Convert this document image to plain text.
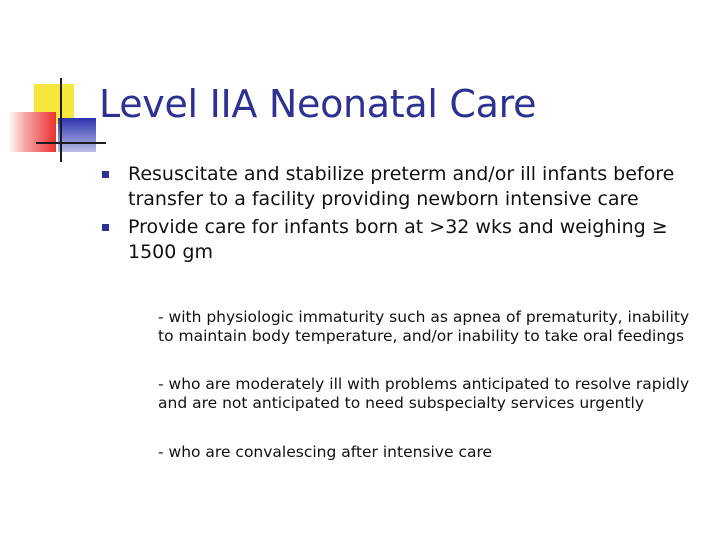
Level IIA Neonatal Care
Resuscitate and stabilize preterm and/or ill infants before transfer to a facility providing newborn intensive care
Provide care for infants born at >32 wks and weighing ≥ 1500 gm

- with physiologic immaturity such as apnea of prematurity, inability to maintain body temperature, and/or inability to take oral feedings

- who are moderately ill with problems anticipated to resolve rapidly and are not anticipated to need subspecialty services urgently

- who are convalescing after intensive care
